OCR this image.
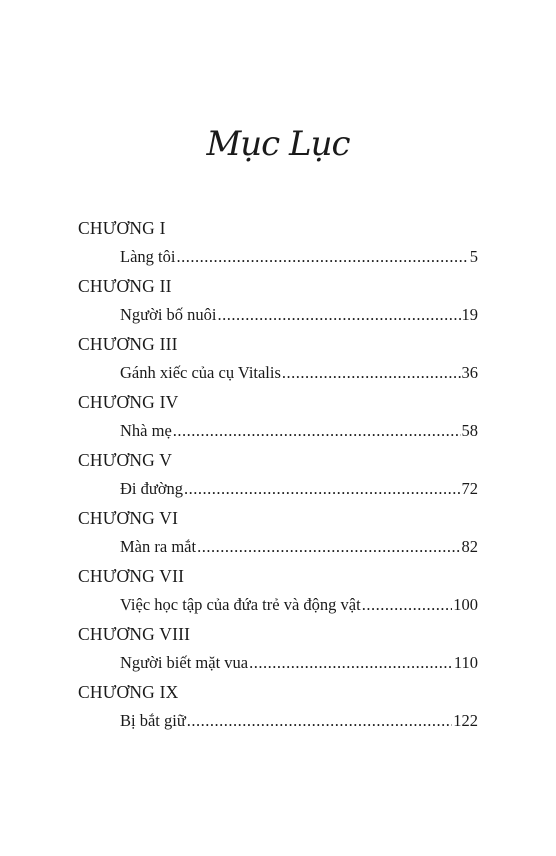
Mục Lục
CHƯƠNG I
Làng tôi .....	5
CHƯƠNG II
Người bố nuôi .....	19
CHƯƠNG III
Gánh xiếc của cụ Vitalis .....	36
CHƯƠNG IV
Nhà mẹ .....	58
CHƯƠNG V
Đi đường .....	72
CHƯƠNG VI
Màn ra mắt .....	82
CHƯƠNG VII
Việc học tập của đứa trẻ và động vật .....	100
CHƯƠNG VIII
Người biết mặt vua .....	110
CHƯƠNG IX
Bị bắt giữ .....	122
